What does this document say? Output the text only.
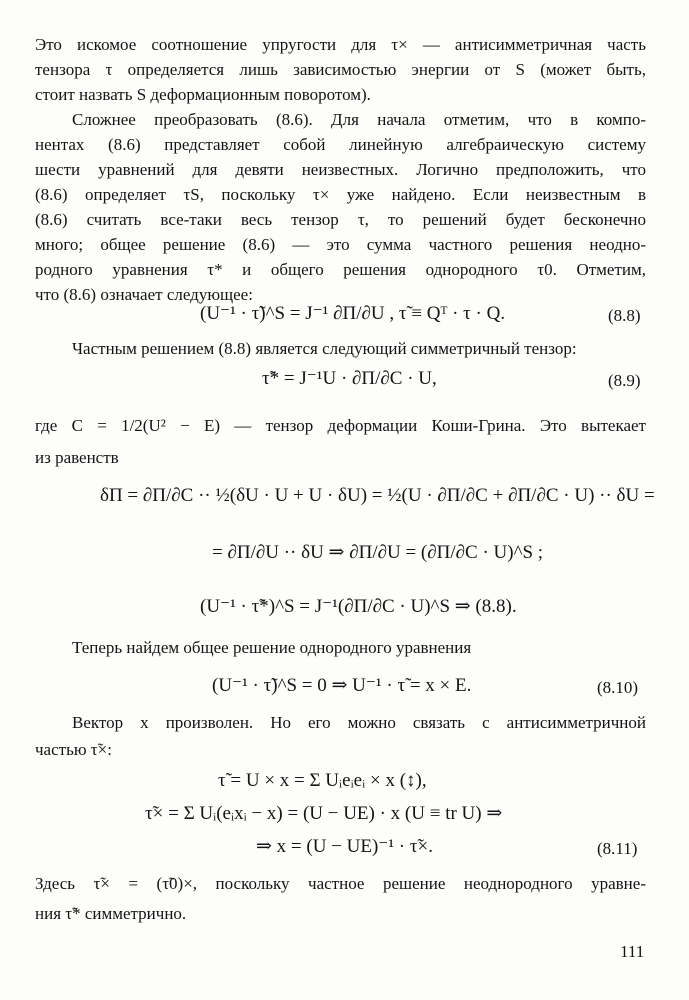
Это искомое соотношение упругости для τ× — антисимметричная часть
тензора τ определяется лишь зависимостью энергии от S (может быть,
стоит назвать S деформационным поворотом).
Сложнее преобразовать (8.6). Для начала отметим, что в компо-
нентах (8.6) представляет собой линейную алгебраическую систему
шести уравнений для девяти неизвестных. Логично предположить, что
(8.6) определяет τS, поскольку τ× уже найдено. Если неизвестным в
(8.6) считать все-таки весь тензор τ, то решений будет бесконечно
много; общее решение (8.6) — это сумма частного решения неодно-
родного уравнения τ* и общего решения однородного τ0. Отметим,
что (8.6) означает следующее:
(U⁻¹ · τ̃)^S = J⁻¹ ∂Π/∂U , τ̃ ≡ Qᵀ · τ · Q.	(8.8)
Частным решением (8.8) является следующий симметричный тензор:
τ̃* = J⁻¹U · ∂Π/∂C · U,	(8.9)
где C = 1/2(U² − E) — тензор деформации Коши-Грина. Это вытекает
из равенств
δΠ = ∂Π/∂C ·· ½(δU · U + U · δU) = ½(U · ∂Π/∂C + ∂Π/∂C · U) ·· δU =
= ∂Π/∂U ·· δU ⇒ ∂Π/∂U = (∂Π/∂C · U)^S ;
(U⁻¹ · τ̃*)^S = J⁻¹(∂Π/∂C · U)^S ⇒ (8.8).
Теперь найдем общее решение однородного уравнения
(U⁻¹ · τ̃)^S = 0 ⇒ U⁻¹ · τ̃ = x × E.	(8.10)
Вектор x произволен. Но его можно связать с антисимметричной
частью τ̃×:
τ̃ = U × x = Σ Uᵢeᵢeᵢ × x (↕),
τ̃× = Σ Uᵢ(eᵢxᵢ − x) = (U − UE) · x (U ≡ tr U) ⇒
⇒ x = (U − UE)⁻¹ · τ̃×.	(8.11)
Здесь τ̃× = (τ̃0)×, поскольку частное решение неоднородного уравне-
ния τ̃* симметрично.
111
